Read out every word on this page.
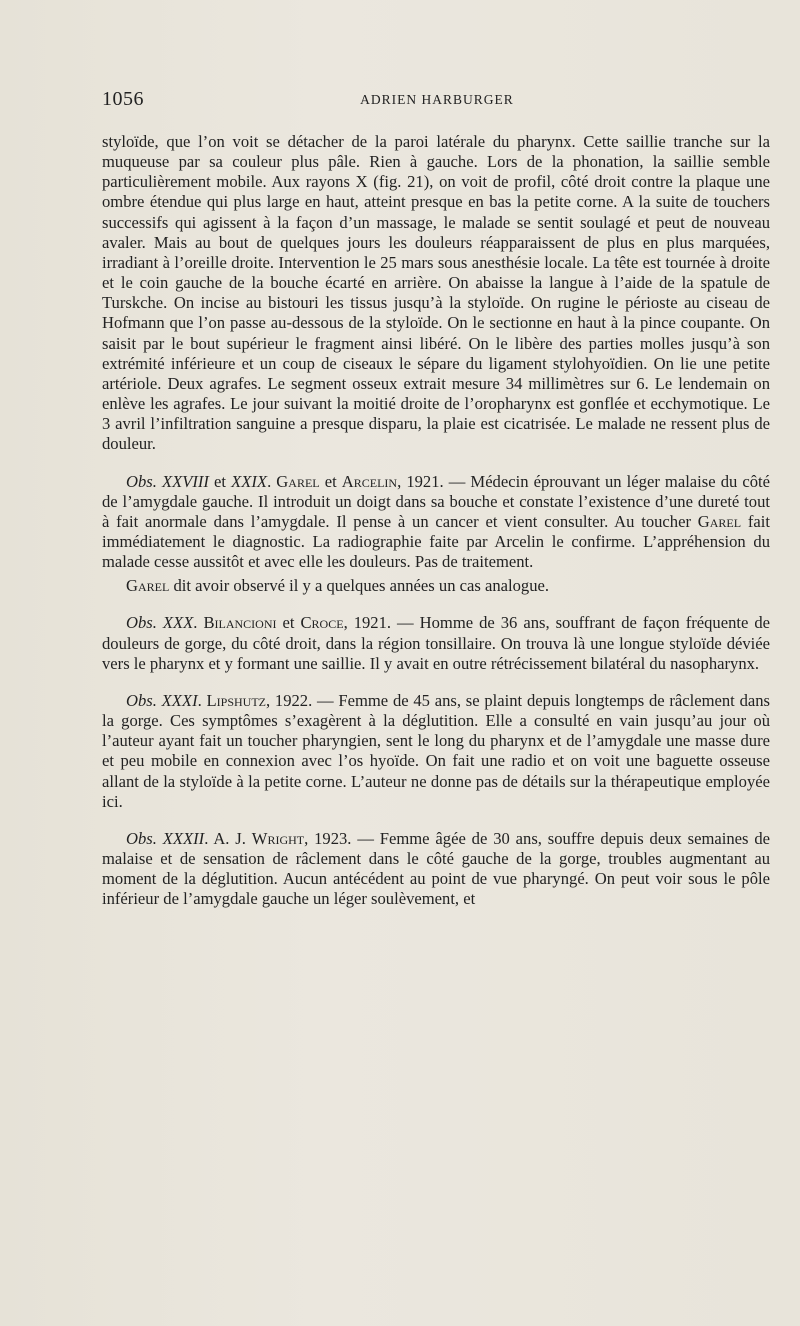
1056	ADRIEN HARBURGER

styloïde, que l’on voit se détacher de la paroi latérale du pharynx. Cette saillie tranche sur la muqueuse par sa couleur plus pâle. Rien à gauche. Lors de la phonation, la saillie semble particulièrement mobile. Aux rayons X (fig. 21), on voit de profil, côté droit contre la plaque une ombre étendue qui plus large en haut, atteint presque en bas la petite corne. A la suite de touchers successifs qui agissent à la façon d’un massage, le malade se sentit soulagé et peut de nouveau avaler. Mais au bout de quelques jours les douleurs réapparaissent de plus en plus marquées, irradiant à l’oreille droite. Intervention le 25 mars sous anesthésie locale. La tête est tournée à droite et le coin gauche de la bouche écarté en arrière. On abaisse la langue à l’aide de la spatule de Turskche. On incise au bistouri les tissus jusqu’à la styloïde. On rugine le périoste au ciseau de Hofmann que l’on passe au-dessous de la styloïde. On le sectionne en haut à la pince coupante. On saisit par le bout supérieur le fragment ainsi libéré. On le libère des parties molles jusqu’à son extrémité inférieure et un coup de ciseaux le sépare du ligament stylohyoïdien. On lie une petite artériole. Deux agrafes. Le segment osseux extrait mesure 34 millimètres sur 6. Le lendemain on enlève les agrafes. Le jour suivant la moitié droite de l’oropharynx est gonflée et ecchymotique. Le 3 avril l’infiltration sanguine a presque disparu, la plaie est cicatrisée. Le malade ne ressent plus de douleur.

Obs. XXVIII et XXIX. Garel et Arcelin, 1921. — Médecin éprouvant un léger malaise du côté de l’amygdale gauche. Il introduit un doigt dans sa bouche et constate l’existence d’une dureté tout à fait anormale dans l’amygdale. Il pense à un cancer et vient consulter. Au toucher Garel fait immédiatement le diagnostic. La radiographie faite par Arcelin le confirme. L’appréhension du malade cesse aussitôt et avec elle les douleurs. Pas de traitement.

Garel dit avoir observé il y a quelques années un cas analogue.

Obs. XXX. Bilancioni et Croce, 1921. — Homme de 36 ans, souffrant de façon fréquente de douleurs de gorge, du côté droit, dans la région tonsillaire. On trouva là une longue styloïde déviée vers le pharynx et y formant une saillie. Il y avait en outre rétrécissement bilatéral du nasopharynx.

Obs. XXXI. Lipshutz, 1922. — Femme de 45 ans, se plaint depuis longtemps de râclement dans la gorge. Ces symptômes s’exagèrent à la déglutition. Elle a consulté en vain jusqu’au jour où l’auteur ayant fait un toucher pharyngien, sent le long du pharynx et de l’amygdale une masse dure et peu mobile en connexion avec l’os hyoïde. On fait une radio et on voit une baguette osseuse allant de la styloïde à la petite corne. L’auteur ne donne pas de détails sur la thérapeutique employée ici.

Obs. XXXII. A. J. Wright, 1923. — Femme âgée de 30 ans, souffre depuis deux semaines de malaise et de sensation de râclement dans le côté gauche de la gorge, troubles augmentant au moment de la déglutition. Aucun antécédent au point de vue pharyngé. On peut voir sous le pôle inférieur de l’amygdale gauche un léger soulèvement, et
